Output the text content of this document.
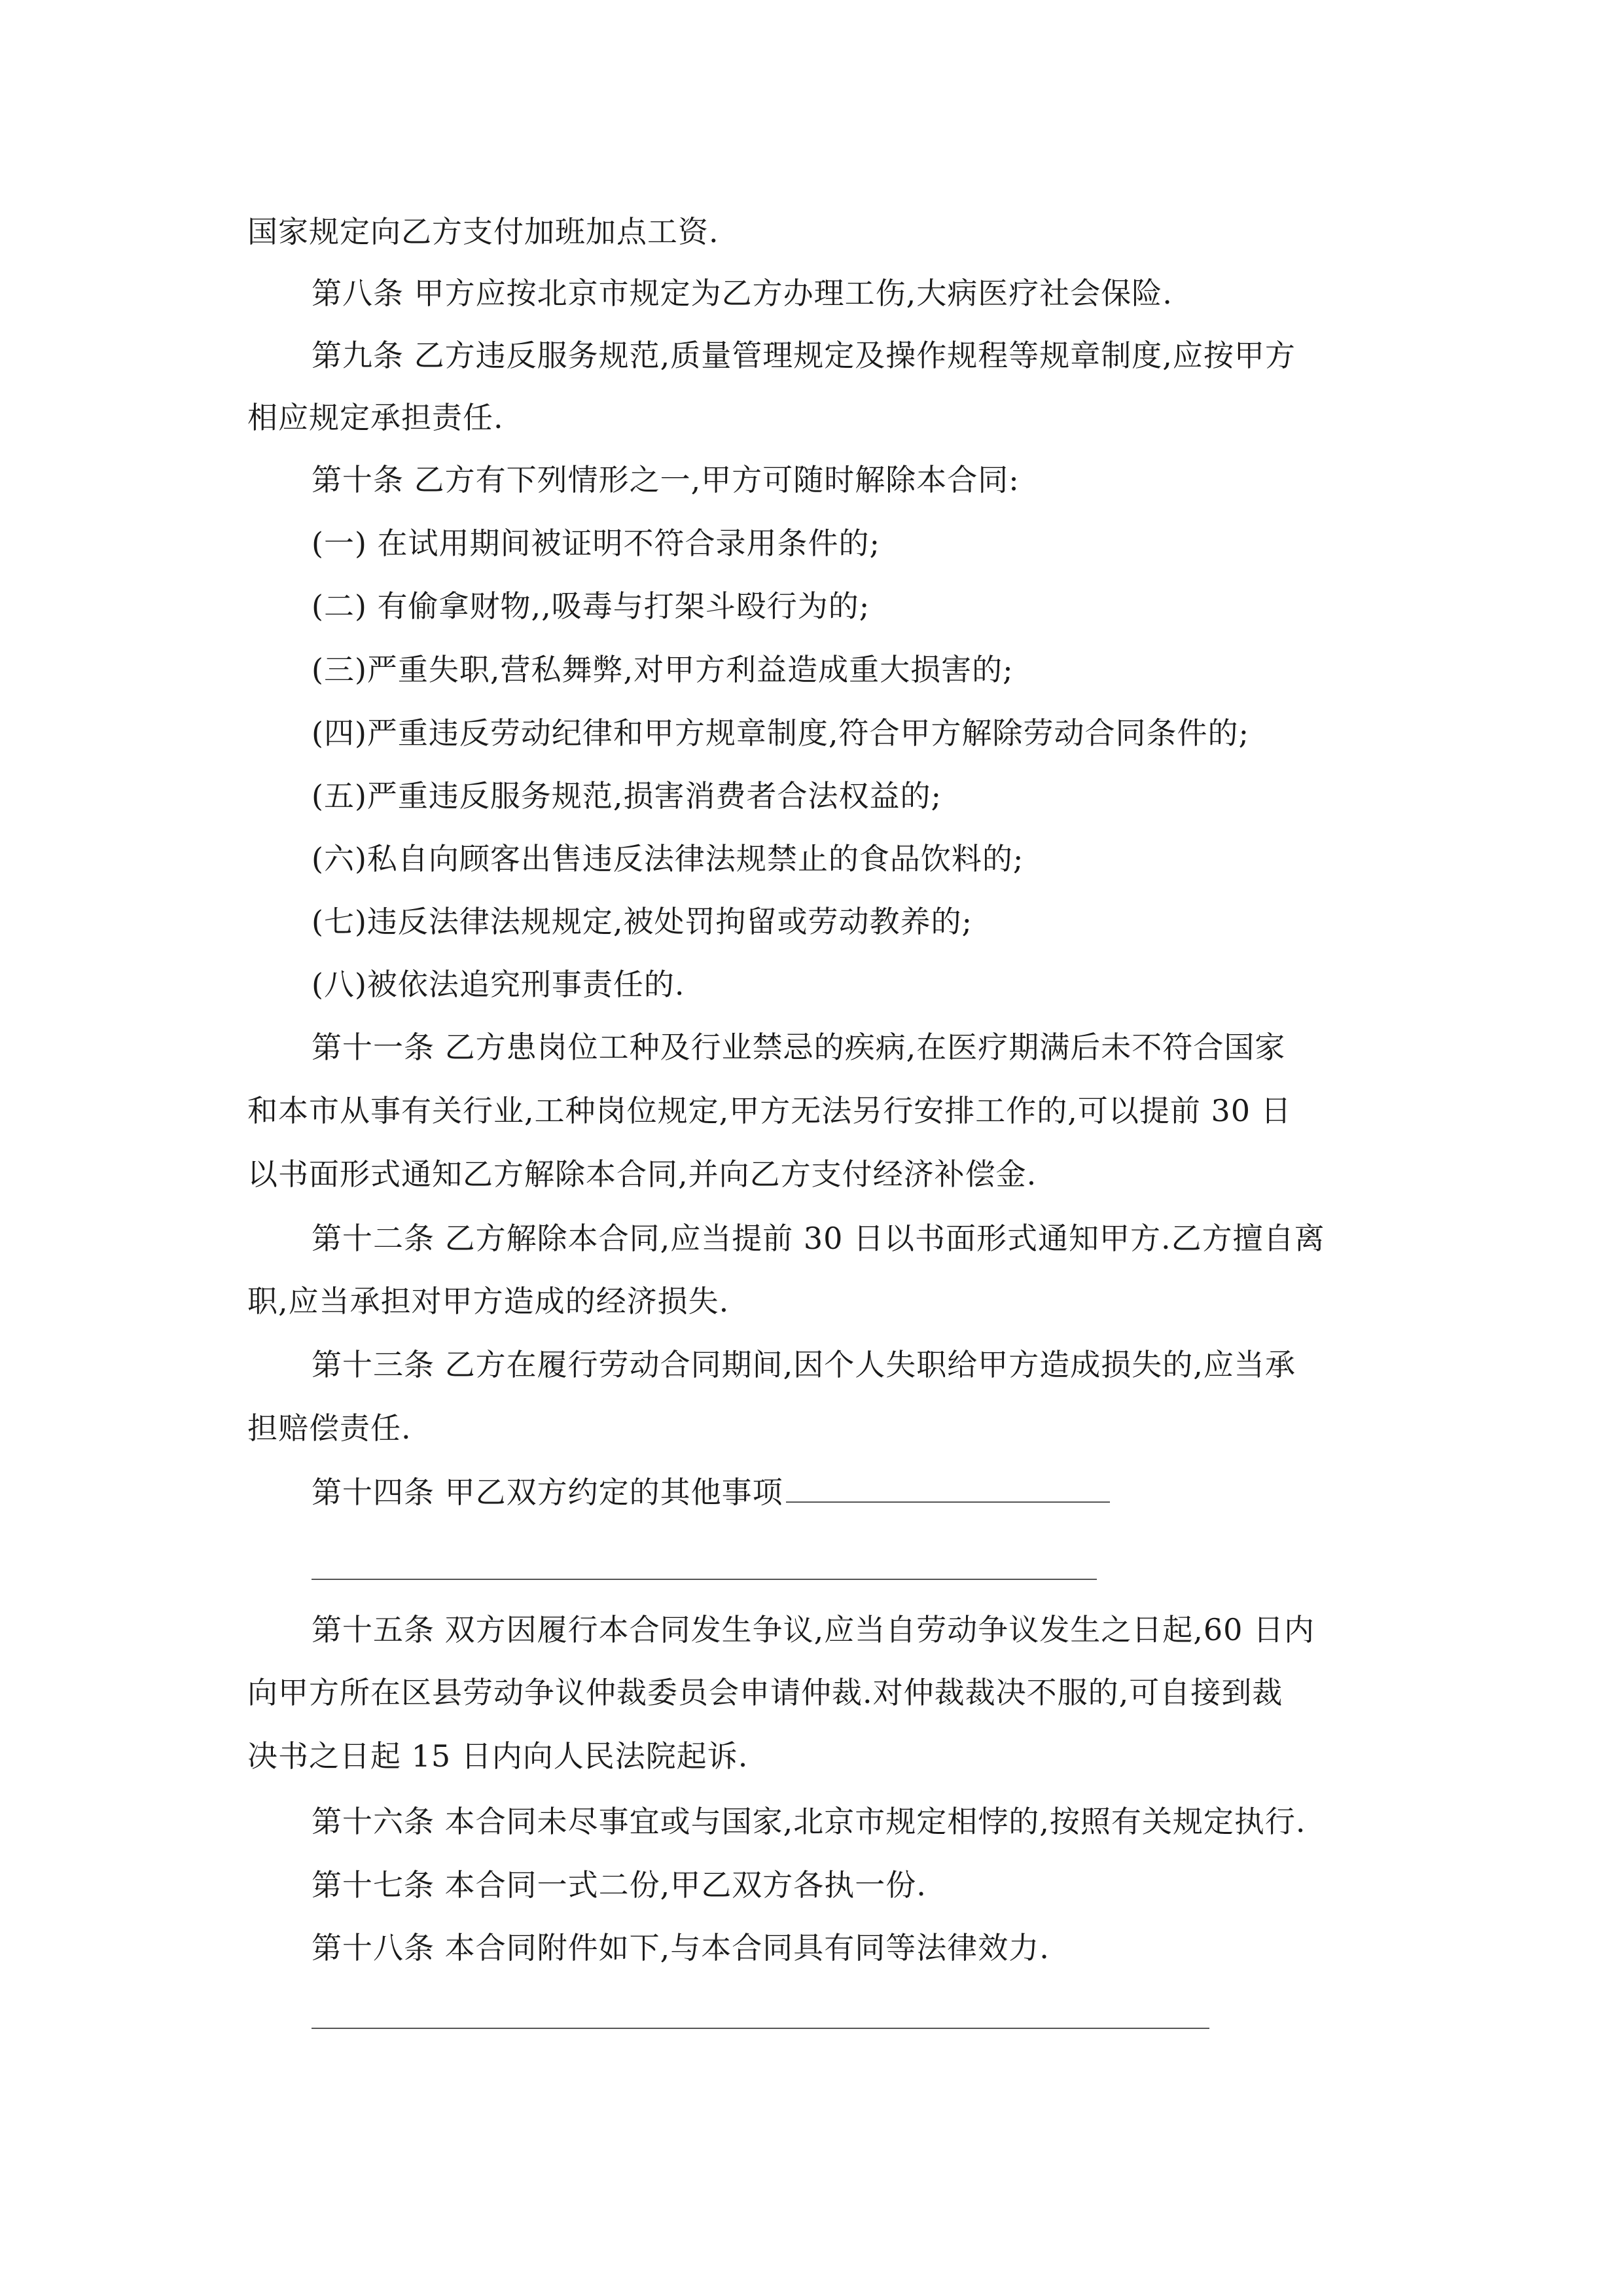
国家规定向乙方支付加班加点工资.
第八条 甲方应按北京市规定为乙方办理工伤,大病医疗社会保险.
第九条 乙方违反服务规范,质量管理规定及操作规程等规章制度,应按甲方
相应规定承担责任.
第十条 乙方有下列情形之一,甲方可随时解除本合同:
(一) 在试用期间被证明不符合录用条件的;
(二) 有偷拿财物,,吸毒与打架斗殴行为的;
(三)严重失职,营私舞弊,对甲方利益造成重大损害的;
(四)严重违反劳动纪律和甲方规章制度,符合甲方解除劳动合同条件的;
(五)严重违反服务规范,损害消费者合法权益的;
(六)私自向顾客出售违反法律法规禁止的食品饮料的;
(七)违反法律法规规定,被处罚拘留或劳动教养的;
(八)被依法追究刑事责任的.
第十一条 乙方患岗位工种及行业禁忌的疾病,在医疗期满后未不符合国家
和本市从事有关行业,工种岗位规定,甲方无法另行安排工作的,可以提前 30 日
以书面形式通知乙方解除本合同,并向乙方支付经济补偿金.
第十二条 乙方解除本合同,应当提前 30 日以书面形式通知甲方.乙方擅自离
职,应当承担对甲方造成的经济损失.
第十三条 乙方在履行劳动合同期间,因个人失职给甲方造成损失的,应当承
担赔偿责任.
第十四条 甲乙双方约定的其他事项
第十五条 双方因履行本合同发生争议,应当自劳动争议发生之日起,60 日内
向甲方所在区县劳动争议仲裁委员会申请仲裁.对仲裁裁决不服的,可自接到裁
决书之日起 15 日内向人民法院起诉.
第十六条 本合同未尽事宜或与国家,北京市规定相悖的,按照有关规定执行.
第十七条 本合同一式二份,甲乙双方各执一份.
第十八条 本合同附件如下,与本合同具有同等法律效力.
